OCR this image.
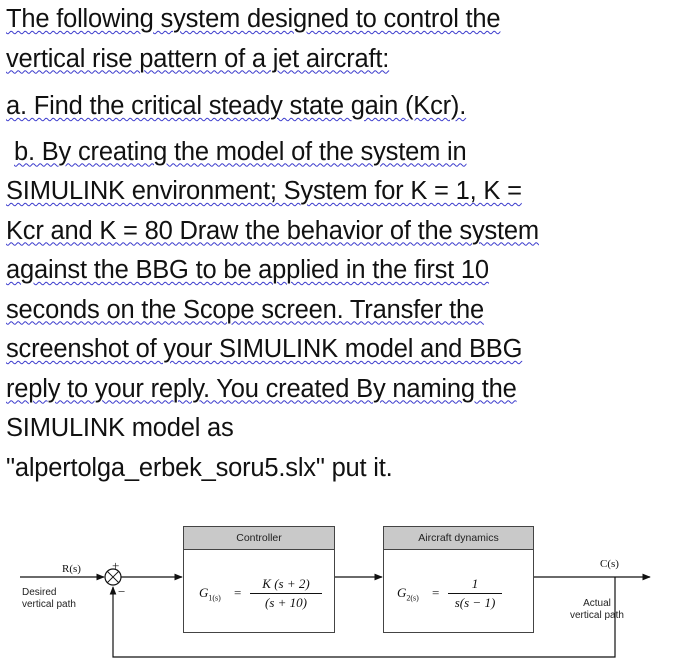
The following system designed to control the
vertical rise pattern of a jet aircraft:

a. Find the critical steady state gain (Kcr).

b. By creating the model of the system in
SIMULINK environment; System for K = 1, K =
Kcr and K = 80 Draw the behavior of the system
against the BBG to be applied in the first 10
seconds on the Scope screen. Transfer the
screenshot of your SIMULINK model and BBG
reply to your reply. You created By naming the
SIMULINK model as
"alpertolga_erbek_soru5.slx" put it.

+
−
R(s)
Desired
vertical path
C(s)
Actual
vertical path
Controller
$G_{1(s)}$ =
K (s + 2)
(s + 10)
Aircraft dynamics
$G_{2(s)}$ =
1
s(s − 1)
